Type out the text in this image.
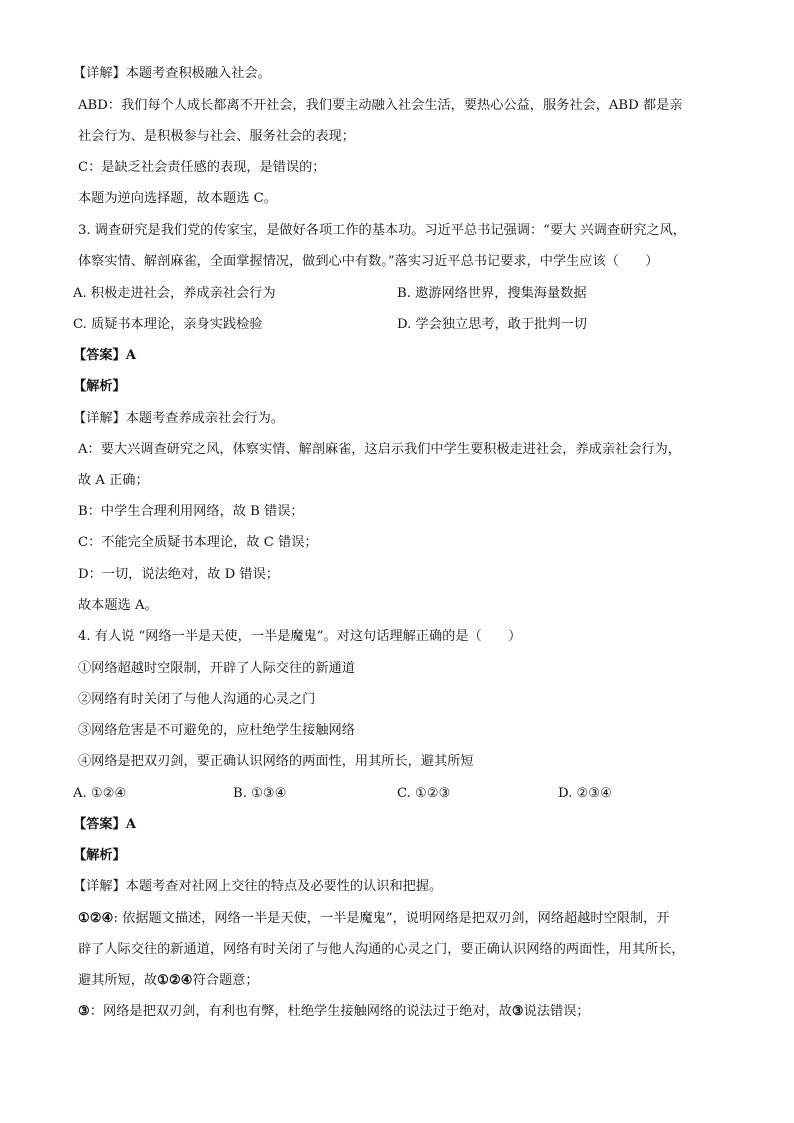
【详解】本题考查积极融入社会。
ABD：我们每个人成长都离不开社会，我们要主动融入社会生活，要热心公益，服务社会，ABD 都是亲
社会行为、是积极参与社会、服务社会的表现；
C：是缺乏社会责任感的表现，是错误的；
本题为逆向选择题，故本题选 C。
3. 调查研究是我们党的传家宝，是做好各项工作的基本功。习近平总书记强调：“要大 兴调查研究之风，
体察实情、解剖麻雀，全面掌握情况，做到心中有数。”落实习近平总书记要求，中学生应该（　　）
A. 积极走进社会，养成亲社会行为	B. 遨游网络世界，搜集海量数据
C. 质疑书本理论，亲身实践检验	D. 学会独立思考，敢于批判一切
【答案】A
【解析】
【详解】本题考查养成亲社会行为。
A：要大兴调查研究之风，体察实情、解剖麻雀，这启示我们中学生要积极走进社会，养成亲社会行为，
故 A 正确；
B：中学生合理利用网络，故 B 错误；
C：不能完全质疑书本理论，故 C 错误；
D：一切，说法绝对，故 D 错误；
故本题选 A。
4. 有人说 “网络一半是天使，一半是魔鬼”。对这句话理解正确的是（　　）
①网络超越时空限制，开辟了人际交往的新通道
②网络有时关闭了与他人沟通的心灵之门
③网络危害是不可避免的，应杜绝学生接触网络
④网络是把双刃剑，要正确认识网络的两面性，用其所长，避其所短
A. ①②④	B. ①③④	C. ①②③	D. ②③④
【答案】A
【解析】
【详解】本题考查对社网上交往的特点及必要性的认识和把握。
①②④: 依据题文描述，网络一半是天使，一半是魔鬼”，说明网络是把双刃剑，网络超越时空限制，开
辟了人际交往的新通道，网络有时关闭了与他人沟通的心灵之门，要正确认识网络的两面性，用其所长，
避其所短，故①②④符合题意；
③：网络是把双刃剑，有利也有弊，杜绝学生接触网络的说法过于绝对，故③说法错误；
